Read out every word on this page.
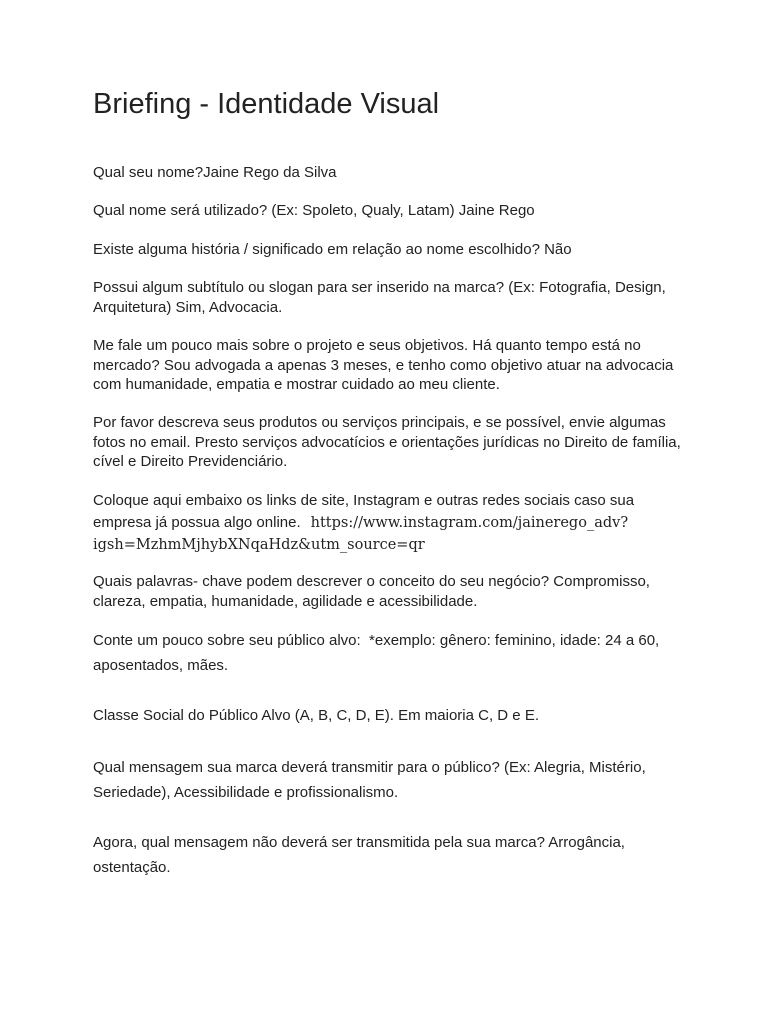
Briefing - Identidade Visual

Qual seu nome?Jaine Rego da Silva

Qual nome será utilizado? (Ex: Spoleto, Qualy, Latam) Jaine Rego

Existe alguma história / significado em relação ao nome escolhido? Não

Possui algum subtítulo ou slogan para ser inserido na marca? (Ex: Fotografia, Design, Arquitetura) Sim, Advocacia.

Me fale um pouco mais sobre o projeto e seus objetivos. Há quanto tempo está no mercado? Sou advogada a apenas 3 meses, e tenho como objetivo atuar na advocacia com humanidade, empatia e mostrar cuidado ao meu cliente.

Por favor descreva seus produtos ou serviços principais, e se possível, envie algumas fotos no email. Presto serviços advocatícios e orientações jurídicas no Direito de família, cível e Direito Previdenciário.

Coloque aqui embaixo os links de site, Instagram e outras redes sociais caso sua empresa já possua algo online. https://www.instagram.com/jainerego_adv?
igsh=MzhmMjhybXNqaHdz&utm_source=qr

Quais palavras- chave podem descrever o conceito do seu negócio? Compromisso, clareza, empatia, humanidade, agilidade e acessibilidade.

Conte um pouco sobre seu público alvo: *exemplo: gênero: feminino, idade: 24 a 60, aposentados, mães.

Classe Social do Público Alvo (A, B, C, D, E). Em maioria C, D e E.

Qual mensagem sua marca deverá transmitir para o público? (Ex: Alegria, Mistério, Seriedade), Acessibilidade e profissionalismo.

Agora, qual mensagem não deverá ser transmitida pela sua marca? Arrogância, ostentação.
